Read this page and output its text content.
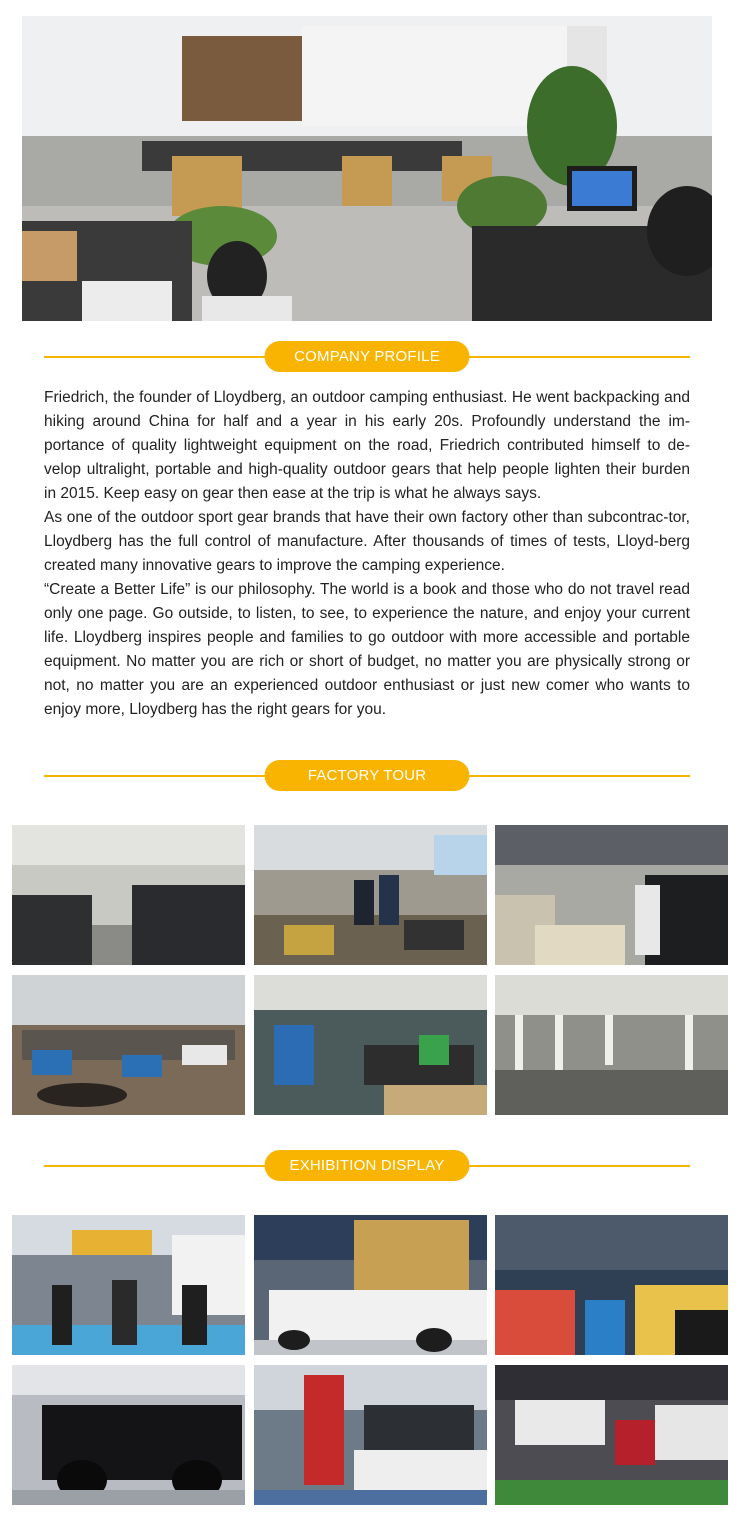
COMPANY PROFILE

Friedrich, the founder of Lloydberg, an outdoor camping enthusiast. He went backpacking and hiking around China for half and a year in his early 20s. Profoundly understand the im-portance of quality lightweight equipment on the road, Friedrich contributed himself to de-velop ultralight, portable and high-quality outdoor gears that help people lighten their burden in 2015. Keep easy on gear then ease at the trip is what he always says.

As one of the outdoor sport gear brands that have their own factory other than subcontrac-tor, Lloydberg has the full control of manufacture. After thousands of times of tests, Lloyd-berg created many innovative gears to improve the camping experience.

“Create a Better Life” is our philosophy. The world is a book and those who do not travel read only one page. Go outside, to listen, to see, to experience the nature, and enjoy your current life. Lloydberg inspires people and families to go outdoor with more accessible and portable equipment. No matter you are rich or short of budget, no matter you are physically strong or not, no matter you are an experienced outdoor enthusiast or just new comer who wants to enjoy more, Lloydberg has the right gears for you.

FACTORY TOUR
EXHIBITION DISPLAY
